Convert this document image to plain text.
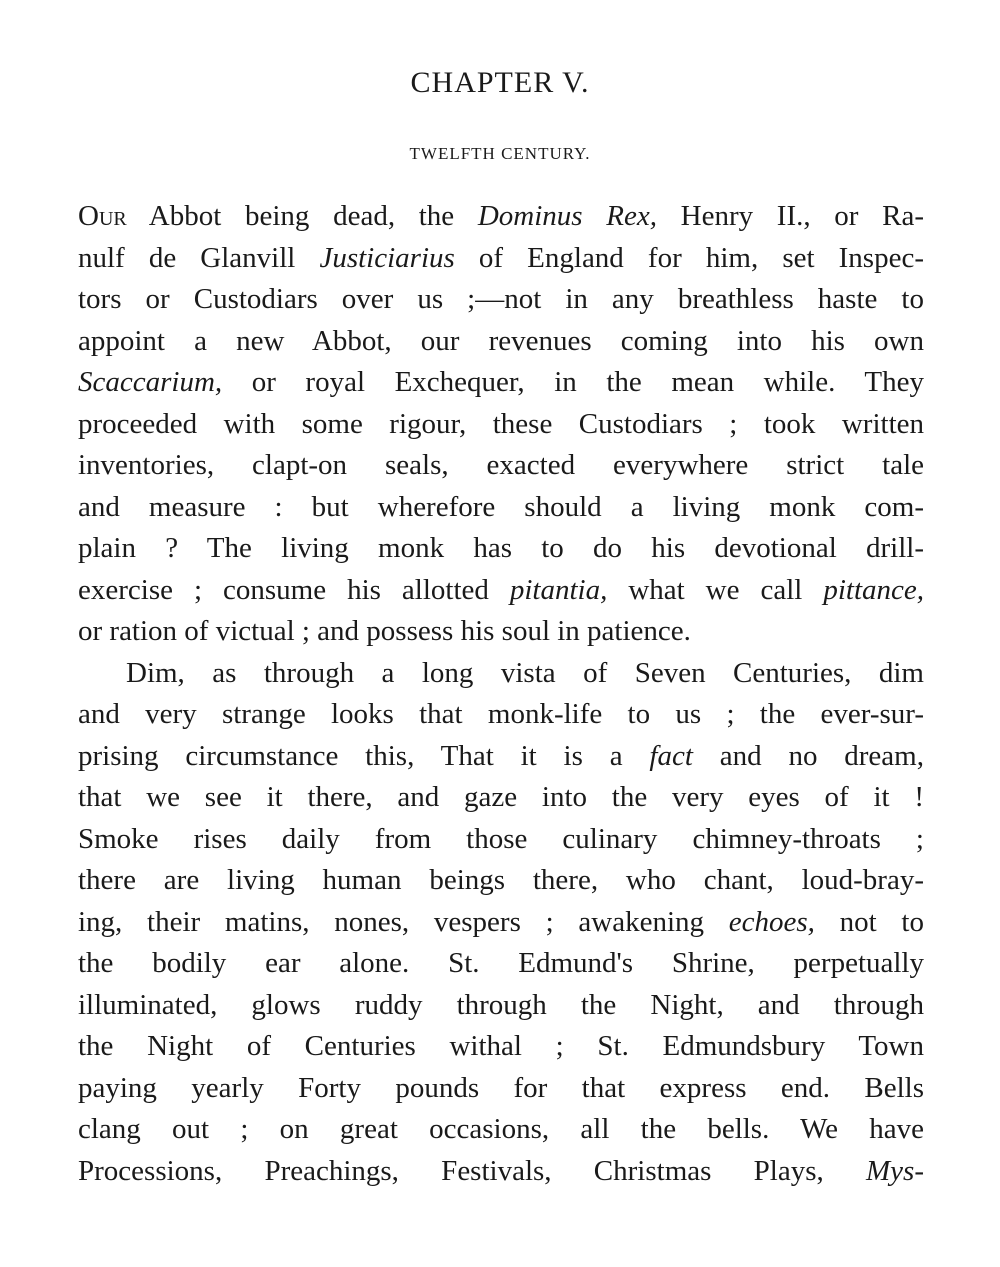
CHAPTER V.
TWELFTH CENTURY.
Our Abbot being dead, the Dominus Rex, Henry II., or Ra-
nulf de Glanvill Justiciarius of England for him, set Inspec-
tors or Custodiars over us ;—not in any breathless haste to
appoint a new Abbot, our revenues coming into his own
Scaccarium, or royal Exchequer, in the mean while. They
proceeded with some rigour, these Custodiars ; took written
inventories, clapt-on seals, exacted everywhere strict tale
and measure : but wherefore should a living monk com-
plain ? The living monk has to do his devotional drill-
exercise ; consume his allotted pitantia, what we call pittance,
or ration of victual ; and possess his soul in patience.
Dim, as through a long vista of Seven Centuries, dim
and very strange looks that monk-life to us ; the ever-sur-
prising circumstance this, That it is a fact and no dream,
that we see it there, and gaze into the very eyes of it !
Smoke rises daily from those culinary chimney-throats ;
there are living human beings there, who chant, loud-bray-
ing, their matins, nones, vespers ; awakening echoes, not to
the bodily ear alone. St. Edmund's Shrine, perpetually
illuminated, glows ruddy through the Night, and through
the Night of Centuries withal ; St. Edmundsbury Town
paying yearly Forty pounds for that express end. Bells
clang out ; on great occasions, all the bells. We have
Processions, Preachings, Festivals, Christmas Plays, Mys-
